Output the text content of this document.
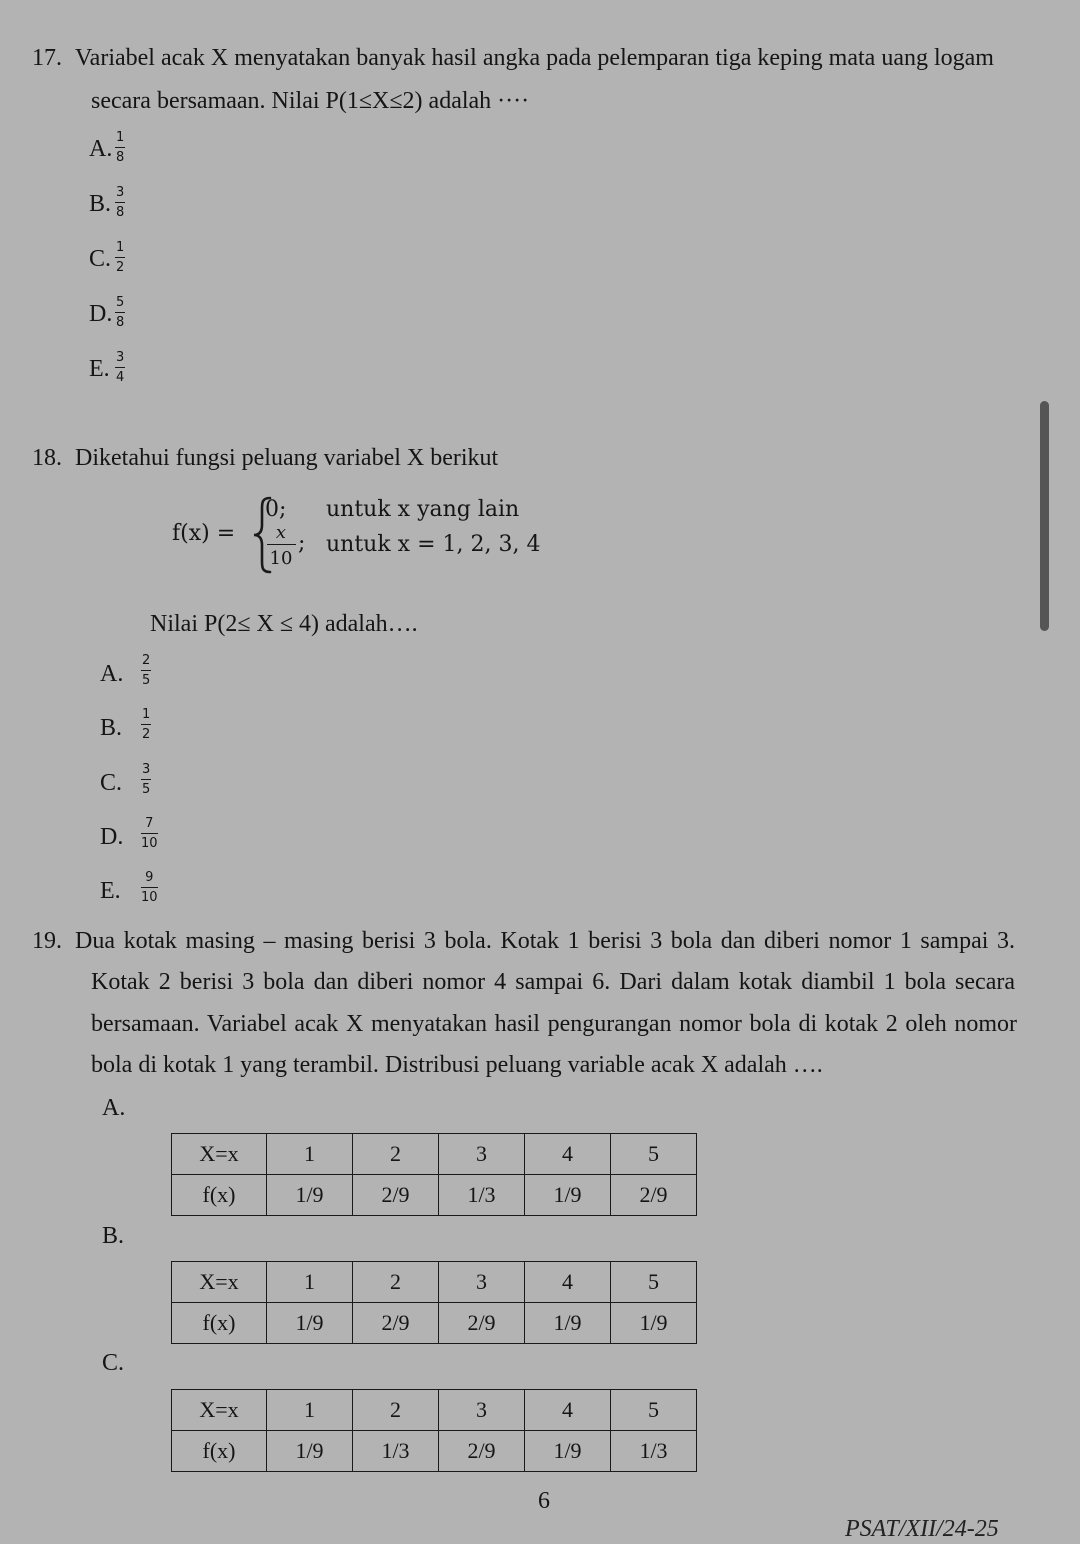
17. Variabel acak X menyatakan banyak hasil angka pada pelemparan tiga keping mata uang logam
secara bersamaan. Nilai P(1≤X≤2) adalah ····
A. 1
8
B. 3
8
C. 1
2
D. 5
8
E. 3
4
18. Diketahui fungsi peluang variabel X berikut
f(x) =
0; untuk x yang lain
x
10
; untuk x = 1, 2, 3, 4
Nilai P(2≤ X ≤ 4) adalah….
A.
2
5
B.
1
2
C.
3
5
D.
7
10
E.
9
10
19. Dua kotak masing – masing berisi 3 bola. Kotak 1 berisi 3 bola dan diberi nomor 1 sampai 3.
Kotak 2 berisi 3 bola dan diberi nomor 4 sampai 6. Dari dalam kotak diambil 1 bola secara
bersamaan. Variabel acak X menyatakan hasil pengurangan nomor bola di kotak 2 oleh nomor
bola di kotak 1 yang terambil. Distribusi peluang variable acak X adalah ….
A.
X=x	1	2	3	4	5
f(x)	1/9	2/9	1/3	1/9	2/9
B.
X=x	1	2	3	4	5
f(x)	1/9	2/9	2/9	1/9	1/9
C.
X=x	1	2	3	4	5
f(x)	1/9	1/3	2/9	1/9	1/3
6
PSAT/XII/24-25
